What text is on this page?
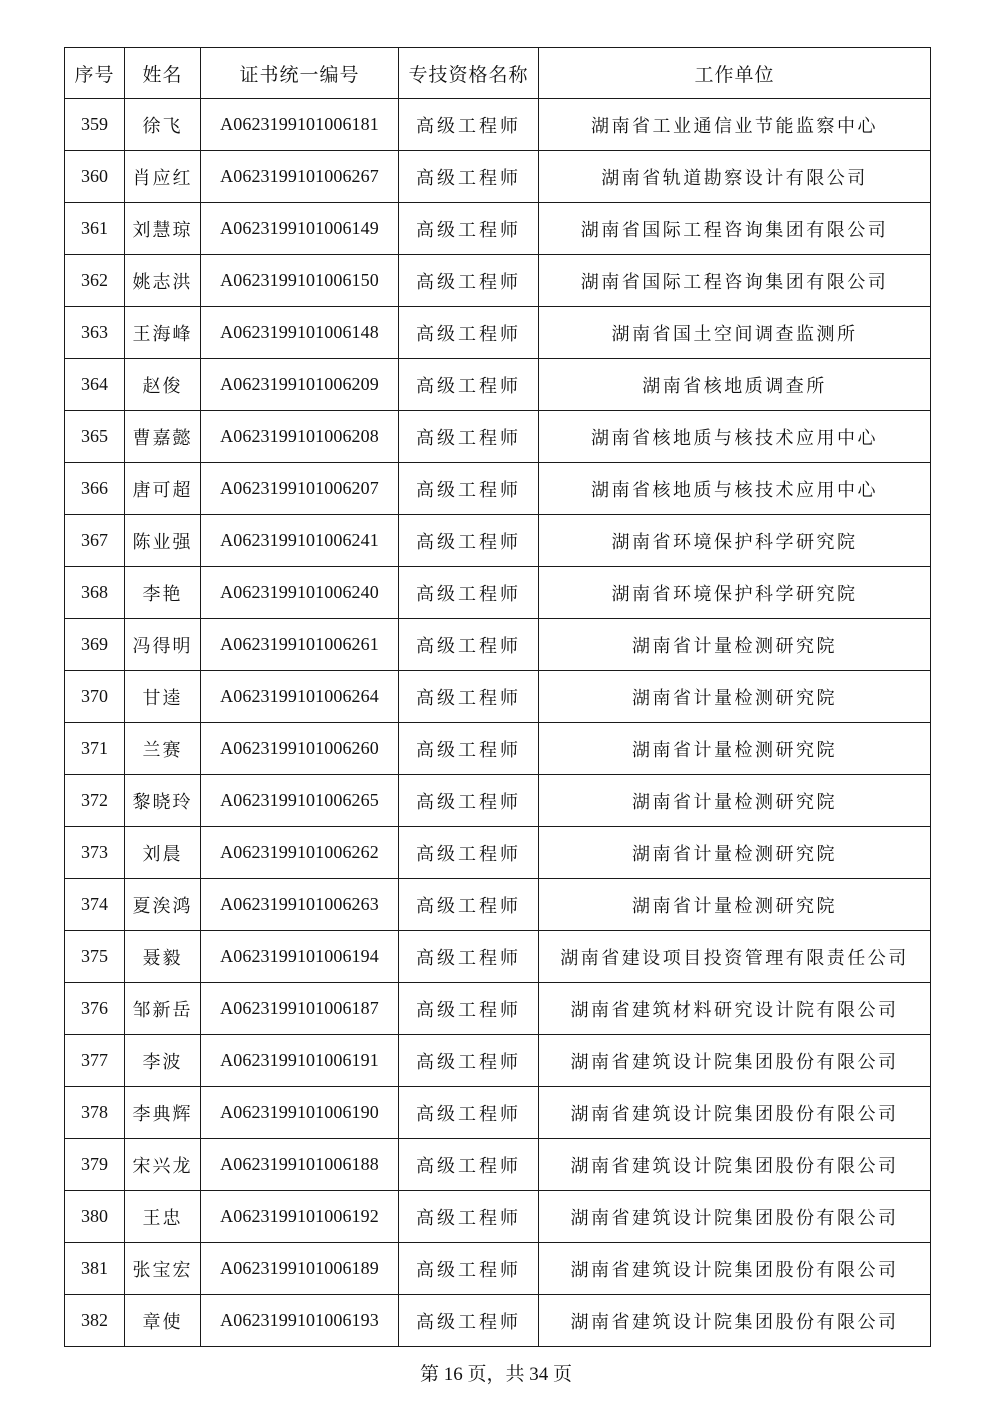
序号	姓名	证书统一编号	专技资格名称	工作单位
359	徐飞	A0623199101006181	高级工程师	湖南省工业通信业节能监察中心
360	肖应红	A0623199101006267	高级工程师	湖南省轨道勘察设计有限公司
361	刘慧琼	A0623199101006149	高级工程师	湖南省国际工程咨询集团有限公司
362	姚志洪	A0623199101006150	高级工程师	湖南省国际工程咨询集团有限公司
363	王海峰	A0623199101006148	高级工程师	湖南省国土空间调查监测所
364	赵俊	A0623199101006209	高级工程师	湖南省核地质调查所
365	曹嘉懿	A0623199101006208	高级工程师	湖南省核地质与核技术应用中心
366	唐可超	A0623199101006207	高级工程师	湖南省核地质与核技术应用中心
367	陈业强	A0623199101006241	高级工程师	湖南省环境保护科学研究院
368	李艳	A0623199101006240	高级工程师	湖南省环境保护科学研究院
369	冯得明	A0623199101006261	高级工程师	湖南省计量检测研究院
370	甘逵	A0623199101006264	高级工程师	湖南省计量检测研究院
371	兰赛	A0623199101006260	高级工程师	湖南省计量检测研究院
372	黎晓玲	A0623199101006265	高级工程师	湖南省计量检测研究院
373	刘晨	A0623199101006262	高级工程师	湖南省计量检测研究院
374	夏涘鸿	A0623199101006263	高级工程师	湖南省计量检测研究院
375	聂毅	A0623199101006194	高级工程师	湖南省建设项目投资管理有限责任公司
376	邹新岳	A0623199101006187	高级工程师	湖南省建筑材料研究设计院有限公司
377	李波	A0623199101006191	高级工程师	湖南省建筑设计院集团股份有限公司
378	李典辉	A0623199101006190	高级工程师	湖南省建筑设计院集团股份有限公司
379	宋兴龙	A0623199101006188	高级工程师	湖南省建筑设计院集团股份有限公司
380	王忠	A0623199101006192	高级工程师	湖南省建筑设计院集团股份有限公司
381	张宝宏	A0623199101006189	高级工程师	湖南省建筑设计院集团股份有限公司
382	章使	A0623199101006193	高级工程师	湖南省建筑设计院集团股份有限公司
第 16 页，共 34 页
